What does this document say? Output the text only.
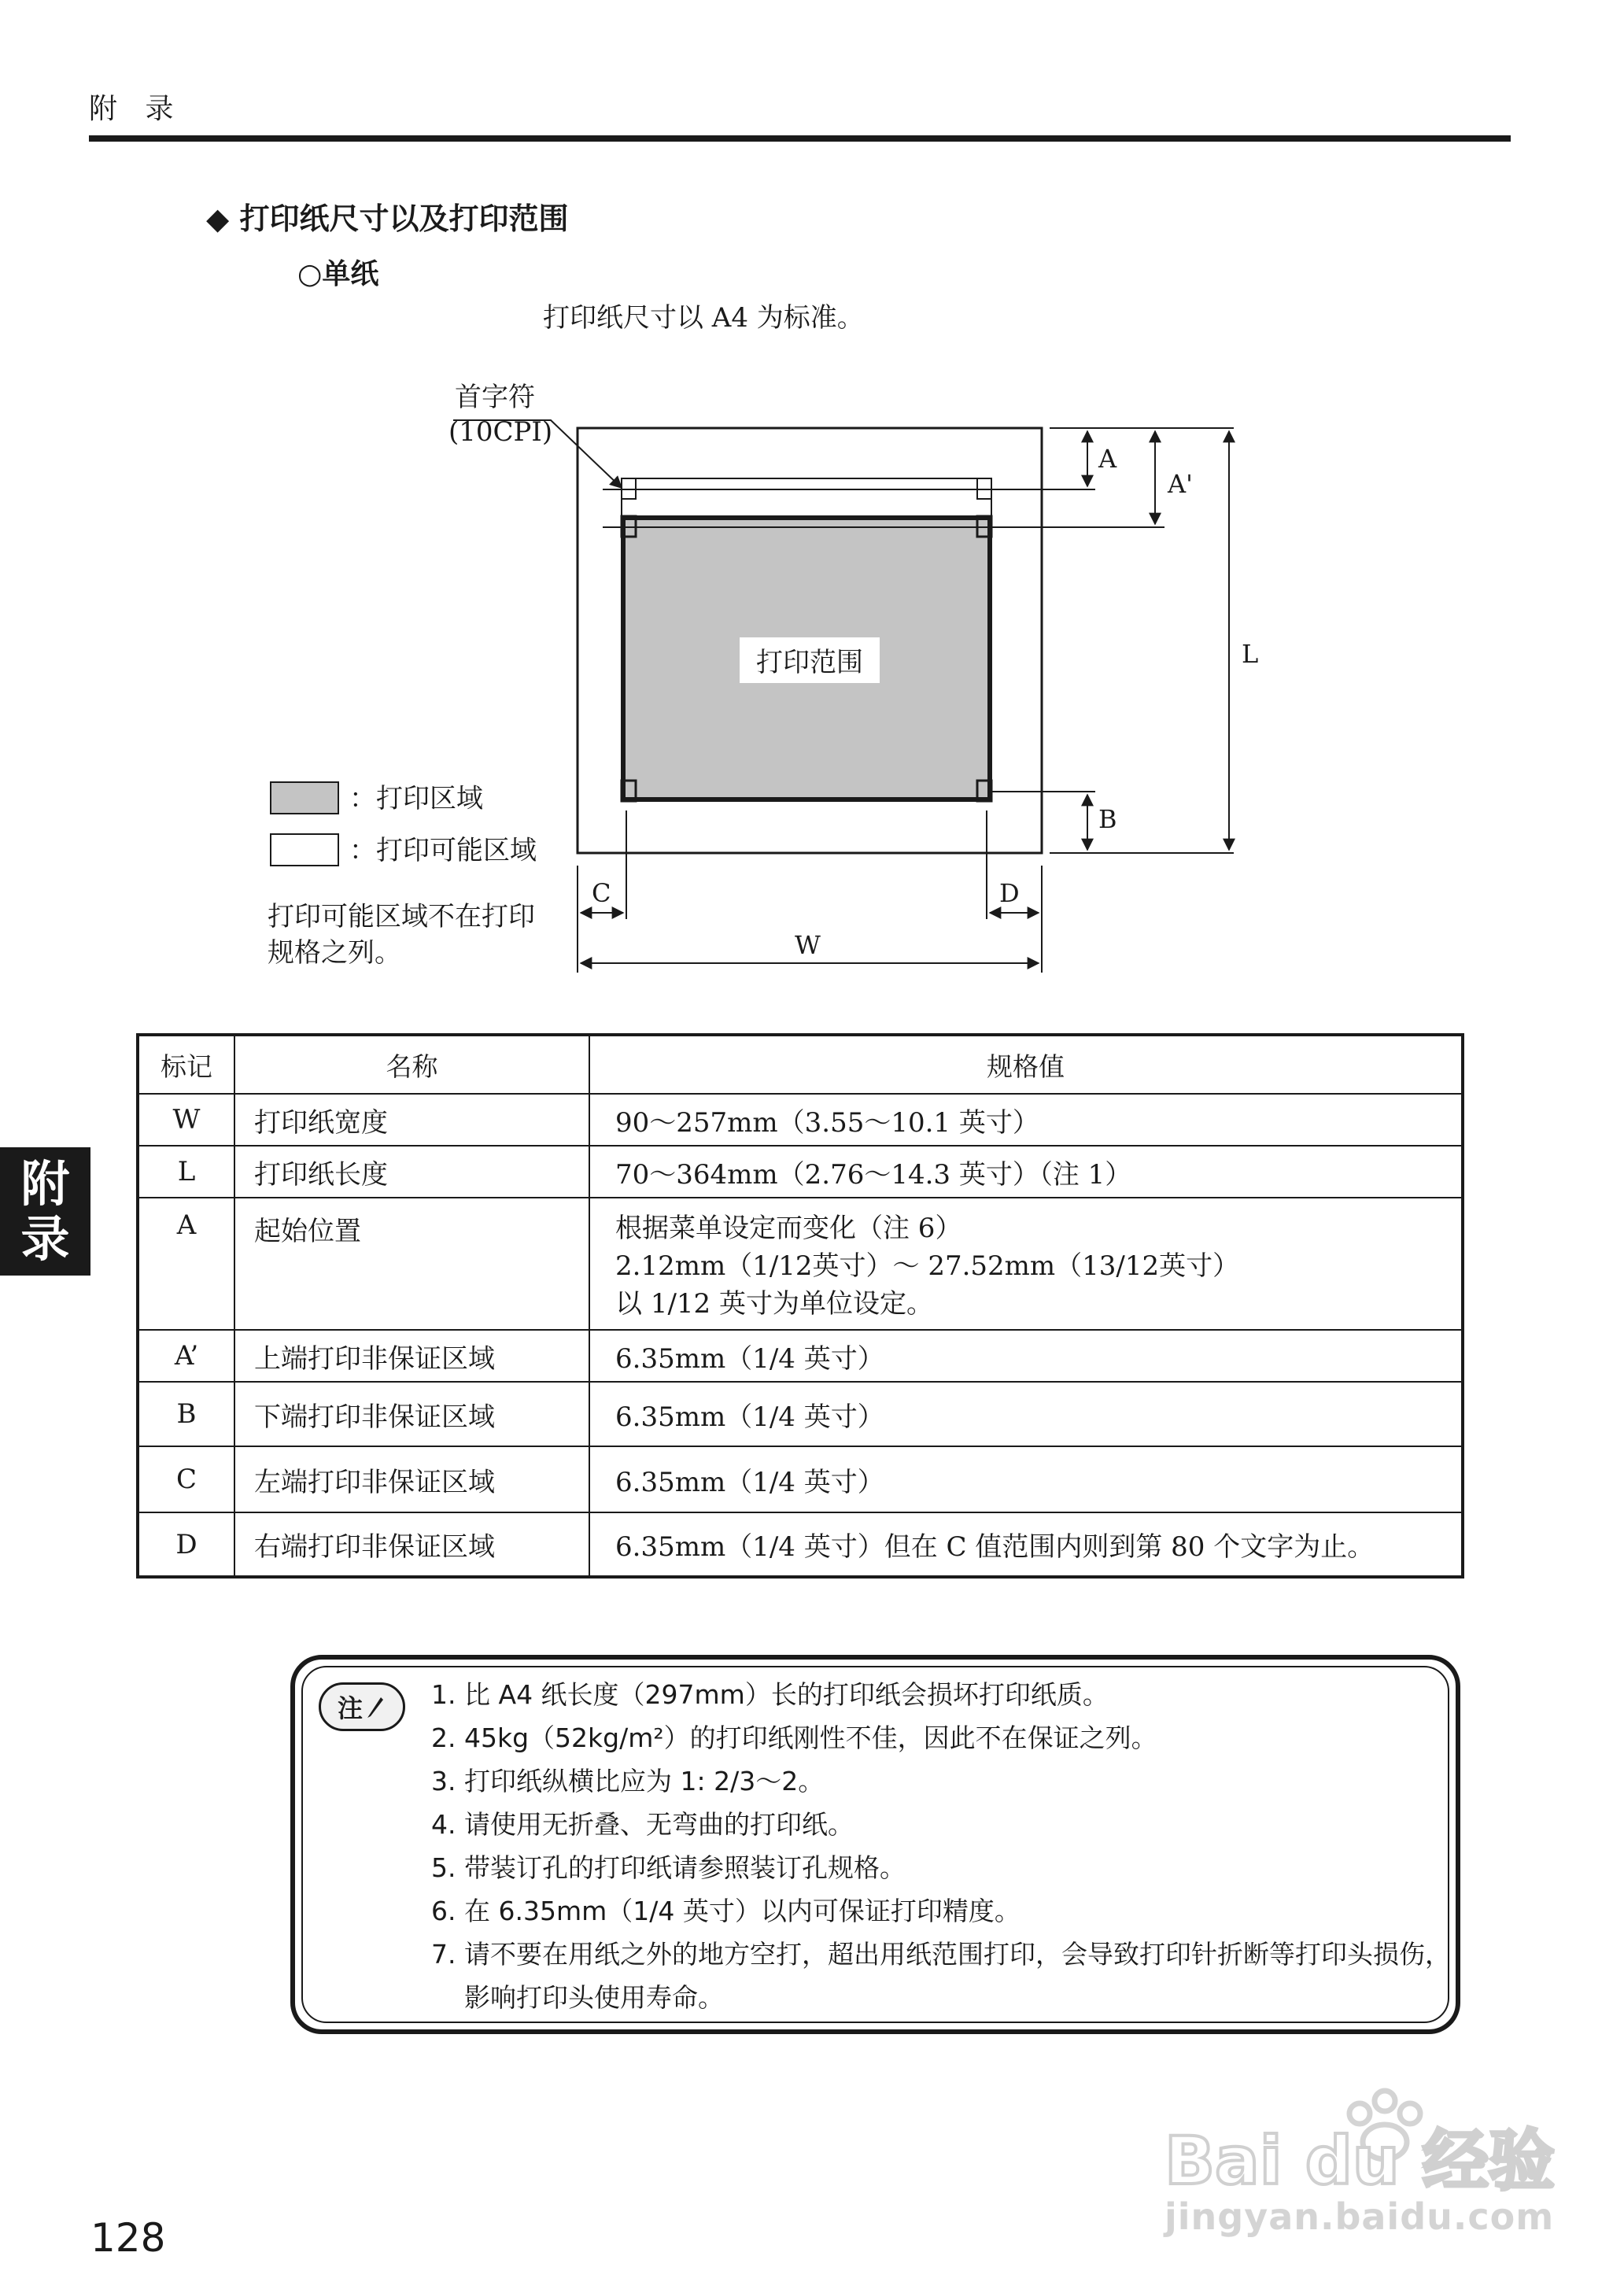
附 录
◆ 打印纸尺寸以及打印范围
○单纸
打印纸尺寸以 A4 为标准。
打印范围
首字符
(10CPI)
A
A'
L
B
C	D
W
：打印区域
：打印可能区域
打印可能区域不在打印
规格之列。
附
录
标记	名称	规格值
W	打印纸宽度	90～257mm（3.55～10.1 英寸）
L	打印纸长度	70～364mm（2.76～14.3 英寸）（注 1）
A	起始位置	根据菜单设定而变化（注 6）
2.12mm（1/12英寸）～ 27.52mm（13/12英寸）
以 1/12 英寸为单位设定。

A’	上端打印非保证区域	6.35mm（1/4 英寸）
B	下端打印非保证区域	6.35mm（1/4 英寸）
C	左端打印非保证区域	6.35mm（1/4 英寸）
D	右端打印非保证区域	6.35mm（1/4 英寸）但在 C 值范围内则到第 80 个文字为止。
注	1. 比 A4 纸长度（297mm）长的打印纸会损坏打印纸质。
2. 45kg（52kg/m²）的打印纸刚性不佳，因此不在保证之列。
3. 打印纸纵横比应为 1: 2/3～2。
4. 请使用无折叠、无弯曲的打印纸。
5. 带装订孔的打印纸请参照装订孔规格。
6. 在 6.35mm（1/4 英寸）以内可保证打印精度。
7. 请不要在用纸之外的地方空打，超出用纸范围打印，会导致打印针折断等打印头损伤，影响打印头使用寿命。
128
Bai du 经验
jingyan.baidu.com
